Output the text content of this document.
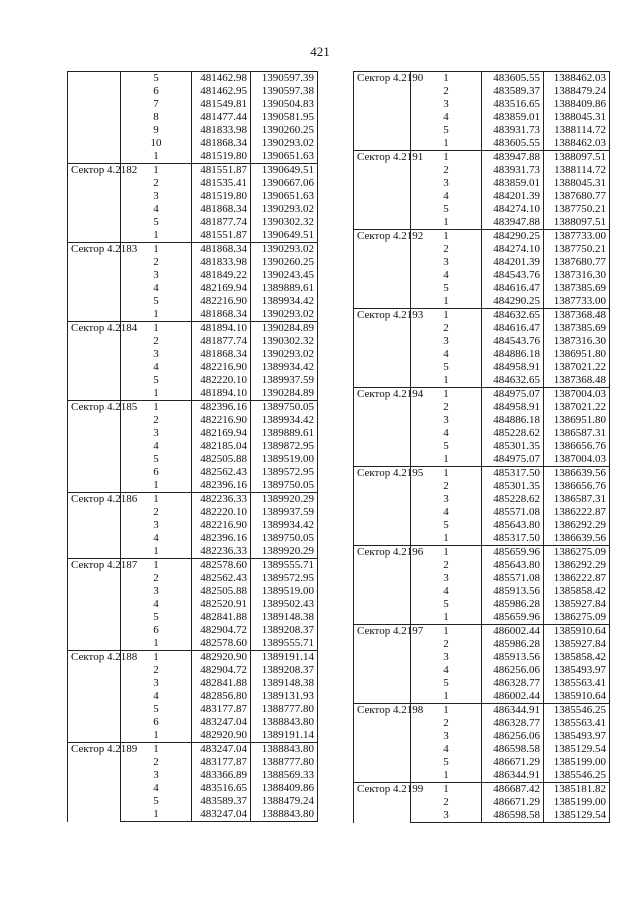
421
	5	481462.98	1390597.39
	6	481462.95	1390597.38
	7	481549.81	1390504.83
	8	481477.44	1390581.95
	9	481833.98	1390260.25
	10	481868.34	1390293.02
	1	481519.80	1390651.63
Сектор 4.2182	1	481551.87	1390649.51
	2	481535.41	1390667.06
	3	481519.80	1390651.63
	4	481868.34	1390293.02
	5	481877.74	1390302.32
	1	481551.87	1390649.51
Сектор 4.2183	1	481868.34	1390293.02
	2	481833.98	1390260.25
	3	481849.22	1390243.45
	4	482169.94	1389889.61
	5	482216.90	1389934.42
	1	481868.34	1390293.02
Сектор 4.2184	1	481894.10	1390284.89
	2	481877.74	1390302.32
	3	481868.34	1390293.02
	4	482216.90	1389934.42
	5	482220.10	1389937.59
	1	481894.10	1390284.89
Сектор 4.2185	1	482396.16	1389750.05
	2	482216.90	1389934.42
	3	482169.94	1389889.61
	4	482185.04	1389872.95
	5	482505.88	1389519.00
	6	482562.43	1389572.95
	1	482396.16	1389750.05
Сектор 4.2186	1	482236.33	1389920.29
	2	482220.10	1389937.59
	3	482216.90	1389934.42
	4	482396.16	1389750.05
	1	482236.33	1389920.29
Сектор 4.2187	1	482578.60	1389555.71
	2	482562.43	1389572.95
	3	482505.88	1389519.00
	4	482520.91	1389502.43
	5	482841.88	1389148.38
	6	482904.72	1389208.37
	1	482578.60	1389555.71
Сектор 4.2188	1	482920.90	1389191.14
	2	482904.72	1389208.37
	3	482841.88	1389148.38
	4	482856.80	1389131.93
	5	483177.87	1388777.80
	6	483247.04	1388843.80
	1	482920.90	1389191.14
Сектор 4.2189	1	483247.04	1388843.80
	2	483177.87	1388777.80
	3	483366.89	1388569.33
	4	483516.65	1388409.86
	5	483589.37	1388479.24
	1	483247.04	1388843.80
Сектор 4.2190	1	483605.55	1388462.03
	2	483589.37	1388479.24
	3	483516.65	1388409.86
	4	483859.01	1388045.31
	5	483931.73	1388114.72
	1	483605.55	1388462.03
Сектор 4.2191	1	483947.88	1388097.51
	2	483931.73	1388114.72
	3	483859.01	1388045.31
	4	484201.39	1387680.77
	5	484274.10	1387750.21
	1	483947.88	1388097.51
Сектор 4.2192	1	484290.25	1387733.00
	2	484274.10	1387750.21
	3	484201.39	1387680.77
	4	484543.76	1387316.30
	5	484616.47	1387385.69
	1	484290.25	1387733.00
Сектор 4.2193	1	484632.65	1387368.48
	2	484616.47	1387385.69
	3	484543.76	1387316.30
	4	484886.18	1386951.80
	5	484958.91	1387021.22
	1	484632.65	1387368.48
Сектор 4.2194	1	484975.07	1387004.03
	2	484958.91	1387021.22
	3	484886.18	1386951.80
	4	485228.62	1386587.31
	5	485301.35	1386656.76
	1	484975.07	1387004.03
Сектор 4.2195	1	485317.50	1386639.56
	2	485301.35	1386656.76
	3	485228.62	1386587.31
	4	485571.08	1386222.87
	5	485643.80	1386292.29
	1	485317.50	1386639.56
Сектор 4.2196	1	485659.96	1386275.09
	2	485643.80	1386292.29
	3	485571.08	1386222.87
	4	485913.56	1385858.42
	5	485986.28	1385927.84
	1	485659.96	1386275.09
Сектор 4.2197	1	486002.44	1385910.64
	2	485986.28	1385927.84
	3	485913.56	1385858.42
	4	486256.06	1385493.97
	5	486328.77	1385563.41
	1	486002.44	1385910.64
Сектор 4.2198	1	486344.91	1385546.25
	2	486328.77	1385563.41
	3	486256.06	1385493.97
	4	486598.58	1385129.54
	5	486671.29	1385199.00
	1	486344.91	1385546.25
Сектор 4.2199	1	486687.42	1385181.82
	2	486671.29	1385199.00
	3	486598.58	1385129.54
